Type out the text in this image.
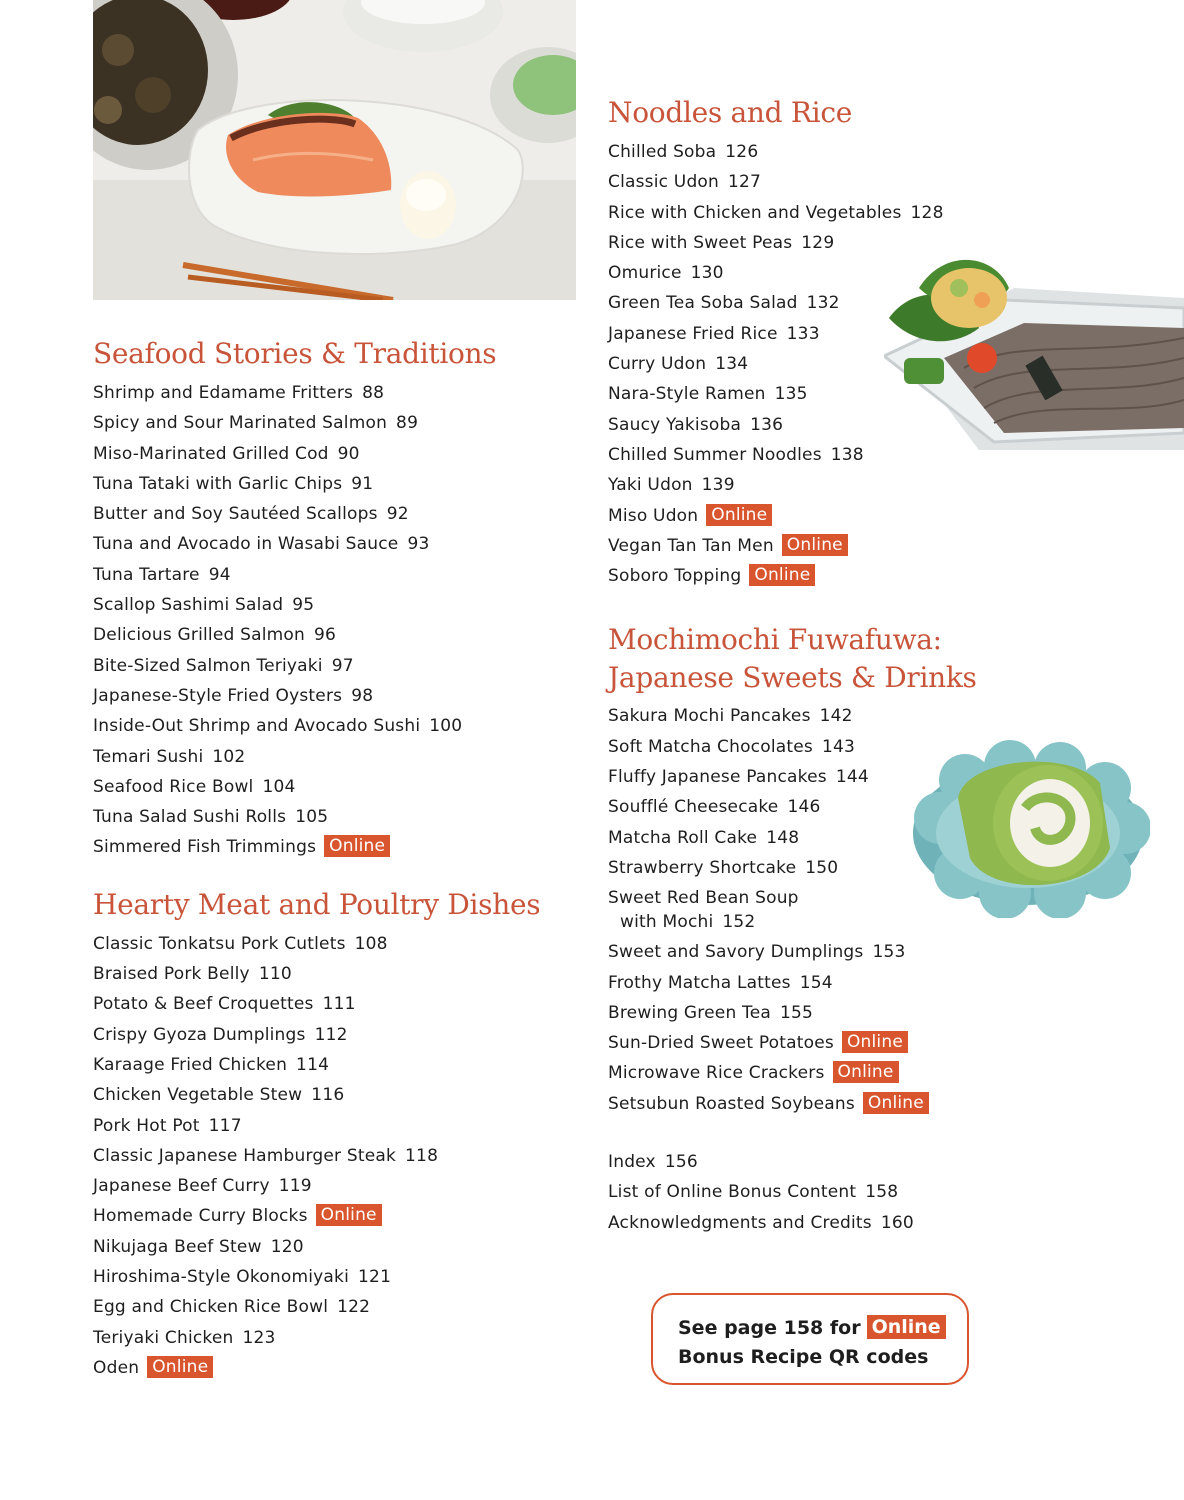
Seafood Stories & Traditions
Shrimp and Edamame Fritters 88
Spicy and Sour Marinated Salmon 89
Miso-Marinated Grilled Cod 90
Tuna Tataki with Garlic Chips 91
Butter and Soy Sautéed Scallops 92
Tuna and Avocado in Wasabi Sauce 93
Tuna Tartare 94
Scallop Sashimi Salad 95
Delicious Grilled Salmon 96
Bite-Sized Salmon Teriyaki 97
Japanese-Style Fried Oysters 98
Inside-Out Shrimp and Avocado Sushi 100
Temari Sushi 102
Seafood Rice Bowl 104
Tuna Salad Sushi Rolls 105
Simmered Fish Trimmings Online
Hearty Meat and Poultry Dishes
Classic Tonkatsu Pork Cutlets 108
Braised Pork Belly 110
Potato & Beef Croquettes 111
Crispy Gyoza Dumplings 112
Karaage Fried Chicken 114
Chicken Vegetable Stew 116
Pork Hot Pot 117
Classic Japanese Hamburger Steak 118
Japanese Beef Curry 119
Homemade Curry Blocks Online
Nikujaga Beef Stew 120
Hiroshima-Style Okonomiyaki 121
Egg and Chicken Rice Bowl 122
Teriyaki Chicken 123
Oden Online
Noodles and Rice
Chilled Soba 126
Classic Udon 127
Rice with Chicken and Vegetables 128
Rice with Sweet Peas 129
Omurice 130
Green Tea Soba Salad 132
Japanese Fried Rice 133
Curry Udon 134
Nara-Style Ramen 135
Saucy Yakisoba 136
Chilled Summer Noodles 138
Yaki Udon 139
Miso Udon Online
Vegan Tan Tan Men Online
Soboro Topping Online
Mochimochi Fuwafuwa:
Japanese Sweets & Drinks
Sakura Mochi Pancakes 142
Soft Matcha Chocolates 143
Fluffy Japanese Pancakes 144
Soufflé Cheesecake 146
Matcha Roll Cake 148
Strawberry Shortcake 150
Sweet Red Bean Soup
with Mochi 152
Sweet and Savory Dumplings 153
Frothy Matcha Lattes 154
Brewing Green Tea 155
Sun-Dried Sweet Potatoes Online
Microwave Rice Crackers Online
Setsubun Roasted Soybeans Online
Index 156
List of Online Bonus Content 158
Acknowledgments and Credits 160

See page 158 for Online

Bonus Recipe QR codes
